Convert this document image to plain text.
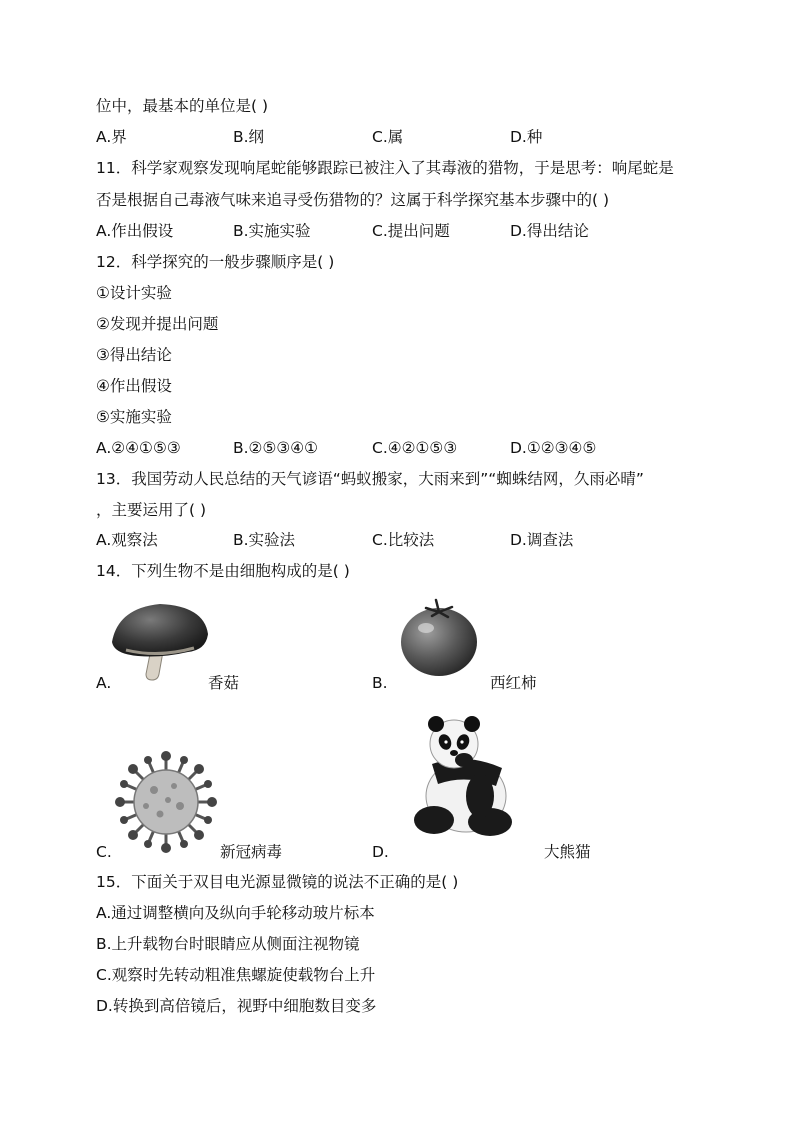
位中，最基本的单位是( )
A.界	B.纲	C.属	D.种
11．科学家观察发现响尾蛇能够跟踪已被注入了其毒液的猎物，于是思考：响尾蛇是
否是根据自己毒液气味来追寻受伤猎物的？这属于科学探究基本步骤中的( )
A.作出假设	B.实施实验	C.提出问题	D.得出结论
12．科学探究的一般步骤顺序是( )
①设计实验
②发现并提出问题
③得出结论
④作出假设
⑤实施实验
A.②④①⑤③	B.②⑤③④①	C.④②①⑤③	D.①②③④⑤
13．我国劳动人民总结的天气谚语“蚂蚁搬家，大雨来到”“蜘蛛结网，久雨必晴”
，主要运用了( )
A.观察法	B.实验法	C.比较法	D.调查法
14．下列生物不是由细胞构成的是( )
A.	香菇	B.	西红柿
C.	新冠病毒	D.	大熊猫
15．下面关于双目电光源显微镜的说法不正确的是( )
A.通过调整横向及纵向手轮移动玻片标本
B.上升载物台时眼睛应从侧面注视物镜
C.观察时先转动粗准焦螺旋使载物台上升
D.转换到高倍镜后，视野中细胞数目变多
